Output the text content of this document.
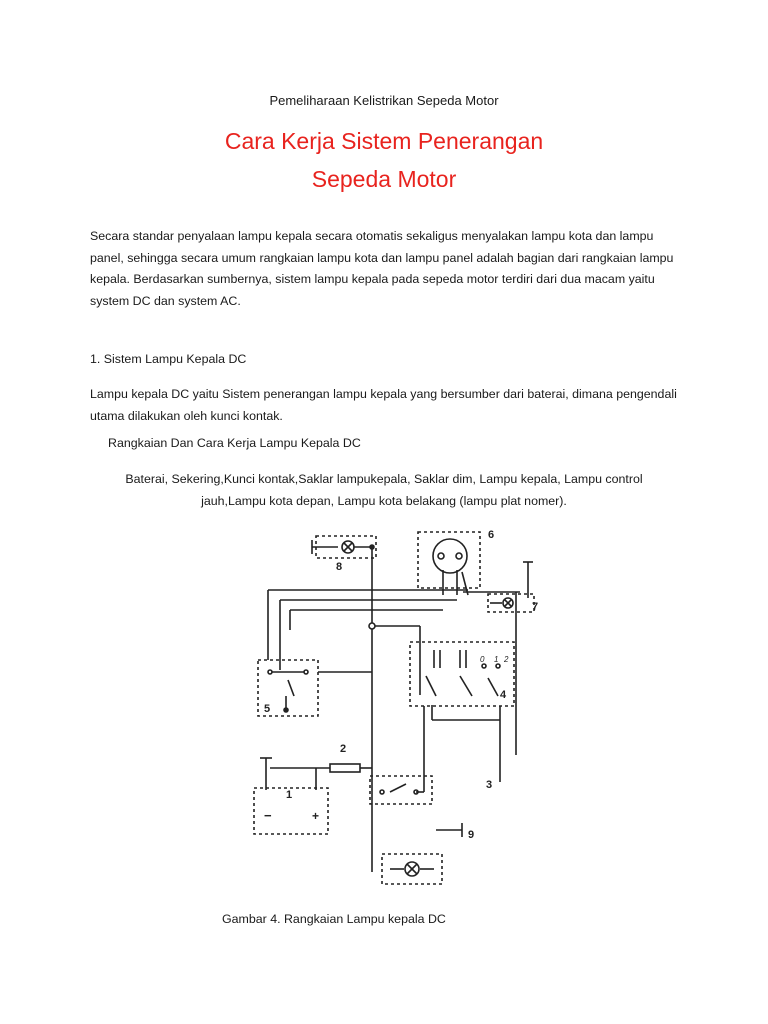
Pemeliharaan Kelistrikan Sepeda Motor
Cara Kerja Sistem Penerangan
Sepeda Motor
Secara standar penyalaan lampu kepala secara otomatis sekaligus menyalakan lampu kota dan lampu panel, sehingga secara umum rangkaian lampu kota dan lampu panel adalah bagian dari rangkaian lampu kepala. Berdasarkan sumbernya, sistem lampu kepala pada sepeda motor terdiri dari dua macam yaitu system DC dan system AC.
1. Sistem Lampu Kepala DC
Lampu kepala DC yaitu Sistem penerangan lampu kepala yang bersumber dari baterai, dimana pengendali utama dilakukan oleh kunci kontak.
Rangkaian Dan Cara Kerja Lampu Kepala DC
Baterai, Sekering,Kunci kontak,Saklar lampukepala, Saklar dim, Lampu kepala, Lampu control jauh,Lampu kota depan, Lampu kota belakang (lampu plat nomer).
1
2
3
4
5
6
7
8
9
−	+
0 1 2
Gambar 4. Rangkaian Lampu kepala DC
